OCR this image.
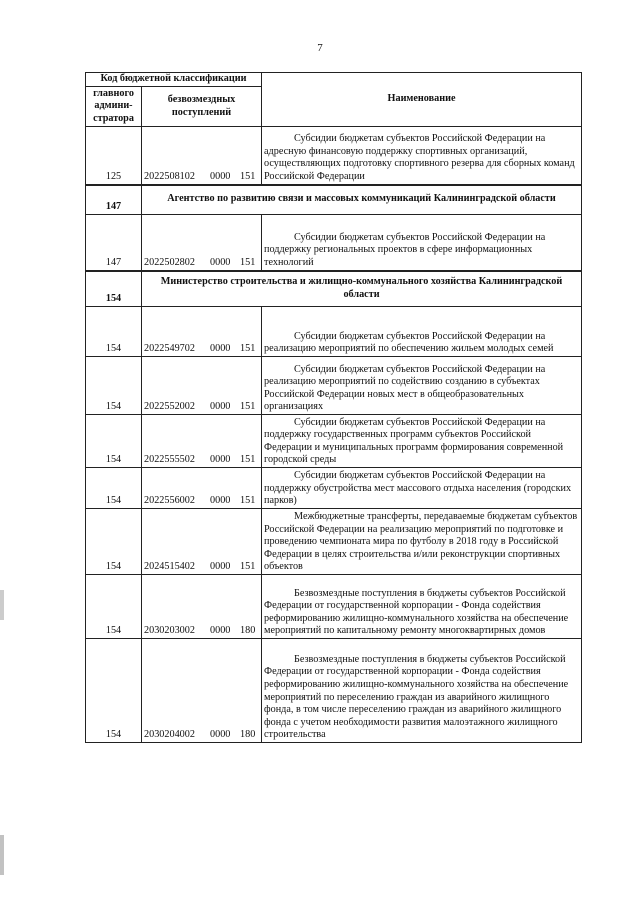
7
Код бюджетной классификации		Наименование
главного админи-стратора	безвозмездных поступлений	
125	2022508102 0000 151	Субсидии бюджетам субъектов Российской Федерации на адресную финансовую поддержку спортивных организаций, осуществляющих подготовку спортивного резерва для сборных команд Российской Федерации
147	Агентство по развитию связи и массовых коммуникаций Калининградской области	
147	2022502802 0000 151	Субсидии бюджетам субъектов Российской Федерации на поддержку региональных проектов в сфере информационных технологий
154	Министерство строительства и жилищно-коммунального хозяйства Калининградской области	
154	2022549702 0000 151	Субсидии бюджетам субъектов Российской Федерации на реализацию мероприятий по обеспечению жильем молодых семей
154	2022552002 0000 151	Субсидии бюджетам субъектов Российской Федерации на реализацию мероприятий по содействию созданию в субъектах Российской Федерации новых мест в общеобразовательных организациях
154	2022555502 0000 151	Субсидии бюджетам субъектов Российской Федерации на поддержку государственных программ субъектов Российской Федерации и муниципальных программ формирования современной городской среды
154	2022556002 0000 151	Субсидии бюджетам субъектов Российской Федерации на поддержку обустройства мест массового отдыха населения (городских парков)
154	2024515402 0000 151	Межбюджетные трансферты, передаваемые бюджетам субъектов Российской Федерации на реализацию мероприятий по подготовке и проведению чемпионата мира по футболу в 2018 году в Российской Федерации в целях строительства и/или реконструкции спортивных объектов
154	2030203002 0000 180	Безвозмездные поступления в бюджеты субъектов Российской Федерации от государственной корпорации - Фонда содействия реформированию жилищно-коммунального хозяйства на обеспечение мероприятий по капитальному ремонту многоквартирных домов
154	2030204002 0000 180	Безвозмездные поступления в бюджеты субъектов Российской Федерации от государственной корпорации - Фонда содействия реформированию жилищно-коммунального хозяйства на обеспечение мероприятий по переселению граждан из аварийного жилищного фонда, в том числе переселению граждан из аварийного жилищного фонда с учетом необходимости развития малоэтажного жилищного строительства
